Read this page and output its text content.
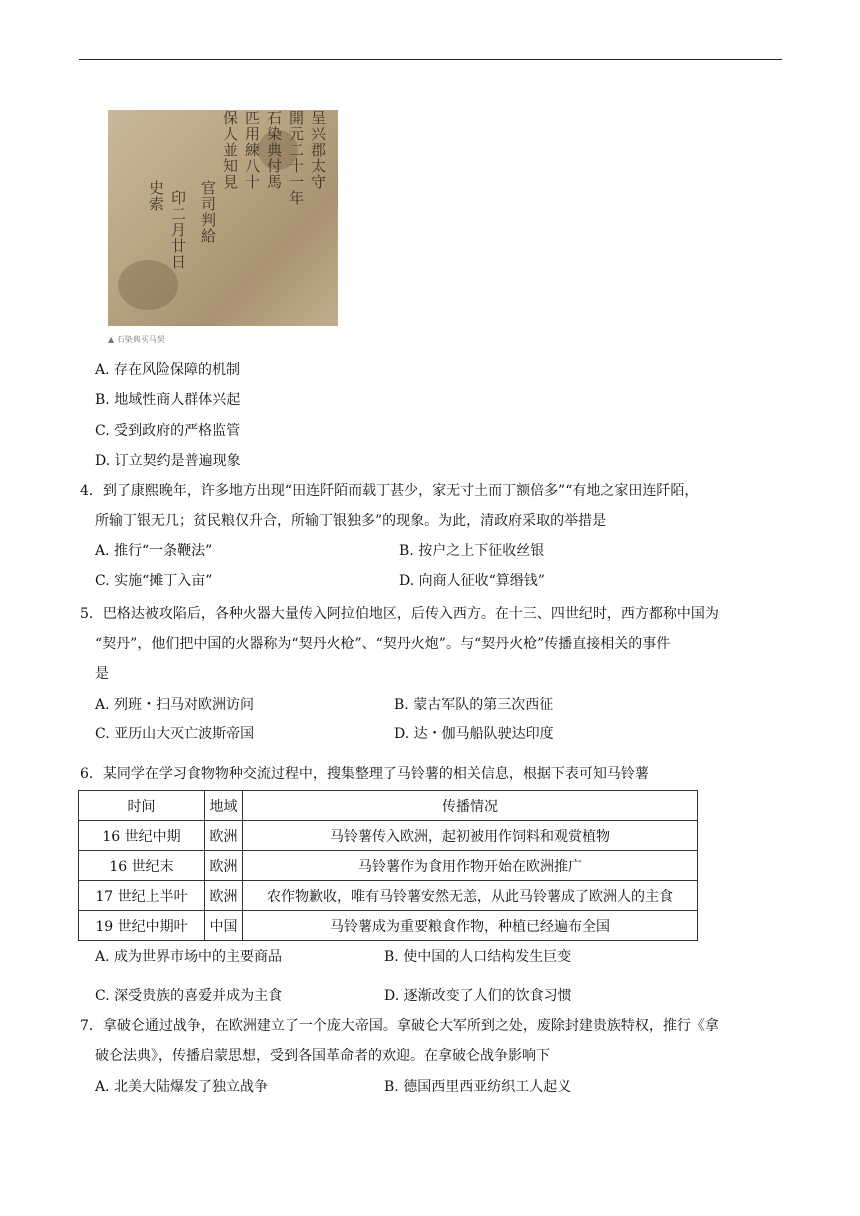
呈兴郡太守
開元二十一年
石染典付馬
匹用練八十
保人並知見
官司判給
印二月廿日
史索
▲ 石染典买马契
A. 存在风险保障的机制
B. 地域性商人群体兴起
C. 受到政府的严格监管
D. 订立契约是普遍现象
4．到了康熙晚年，许多地方出现“田连阡陌而载丁甚少，家无寸土而丁额倍多”“有地之家田连阡陌，
所输丁银无几；贫民粮仅升合，所输丁银独多”的现象。为此，清政府采取的举措是
A. 推行“一条鞭法”	B. 按户之上下征收丝银
C. 实施“摊丁入亩”	D. 向商人征收“算缗钱”
5．巴格达被攻陷后，各种火器大量传入阿拉伯地区，后传入西方。在十三、四世纪时，西方都称中国为
“契丹”，他们把中国的火器称为“契丹火枪”、“契丹火炮”。与“契丹火枪”传播直接相关的事件
是
A. 列班・扫马对欧洲访问	B. 蒙古军队的第三次西征
C. 亚历山大灭亡波斯帝国	D. 达・伽马船队驶达印度
6．某同学在学习食物物种交流过程中，搜集整理了马铃薯的相关信息，根据下表可知马铃薯
时间	地域	传播情况
16 世纪中期	欧洲	马铃薯传入欧洲，起初被用作饲料和观赏植物
16 世纪末	欧洲	马铃薯作为食用作物开始在欧洲推广
17 世纪上半叶	欧洲	农作物歉收，唯有马铃薯安然无恙，从此马铃薯成了欧洲人的主食
19 世纪中期叶	中国	马铃薯成为重要粮食作物，种植已经遍布全国
A. 成为世界市场中的主要商品	B. 使中国的人口结构发生巨变
C. 深受贵族的喜爱并成为主食	D. 逐渐改变了人们的饮食习惯
7．拿破仑通过战争，在欧洲建立了一个庞大帝国。拿破仑大军所到之处，废除封建贵族特权，推行《拿
破仑法典》，传播启蒙思想，受到各国革命者的欢迎。在拿破仑战争影响下
A. 北美大陆爆发了独立战争	B. 德国西里西亚纺织工人起义
